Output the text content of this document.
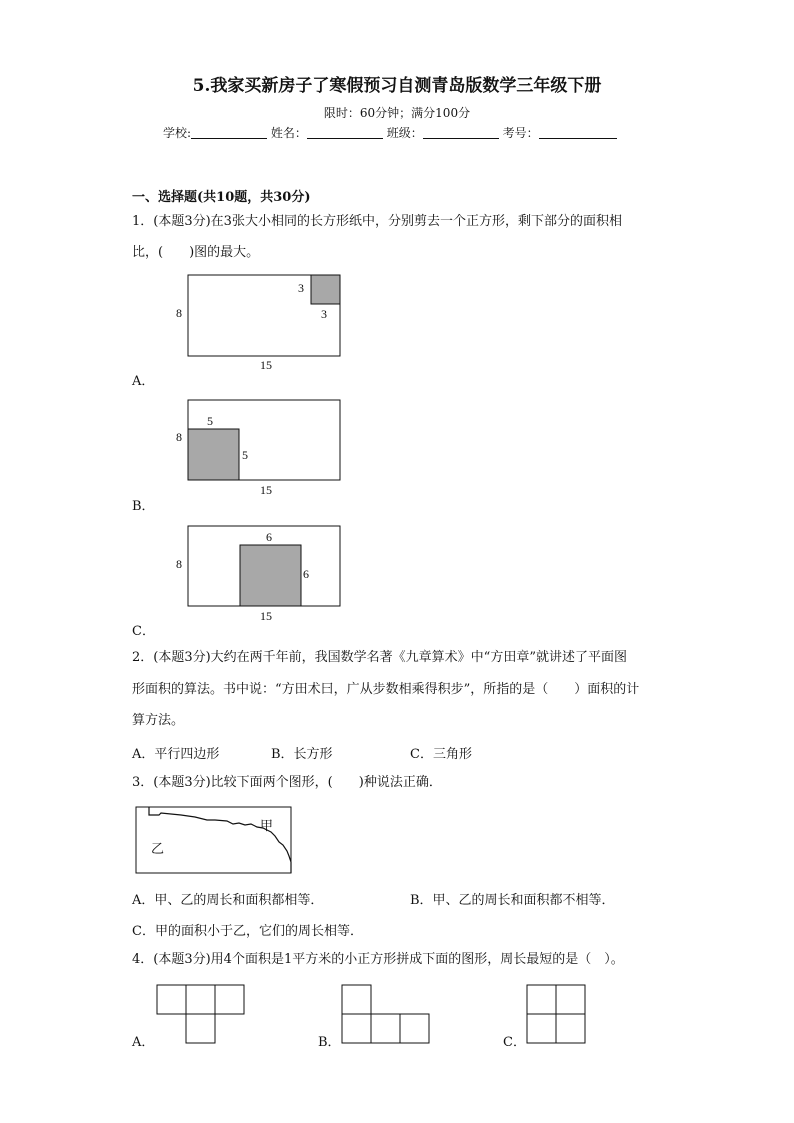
5.我家买新房子了寒假预习自测青岛版数学三年级下册
限时：60分钟；满分100分
学校:	姓名：	班级：	考号：
一、选择题(共10题，共30分)
1．(本题3分)在3张大小相同的长方形纸中，分别剪去一个正方形，剩下部分的面积相
比，(　　)图的最大。
8
3
3
15
A．
8
5
5
15
B．
8
6
6
15
C．
2．(本题3分)大约在两千年前，我国数学名著《九章算术》中“方田章”就讲述了平面图
形面积的算法。书中说：“方田术曰，广从步数相乘得积步”，所指的是（　　）面积的计
算方法。
A．平行四边形	B．长方形	C．三角形
3．(本题3分)比较下面两个图形，(　　)种说法正确．
甲
乙
A．甲、乙的周长和面积都相等．	B．甲、乙的周长和面积都不相等．
C．甲的面积小于乙，它们的周长相等．
4．(本题3分)用4个面积是1平方米的小正方形拼成下面的图形，周长最短的是（　）。
A．	B．	C．
